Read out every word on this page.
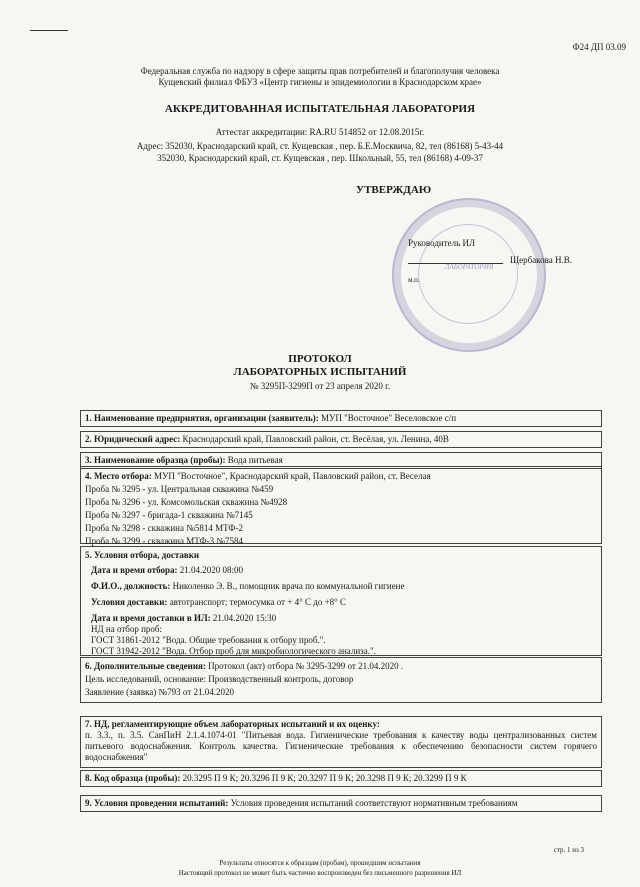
Ф24 ДП 03.09
Федеральная служба по надзору в сфере защиты прав потребителей и благополучия человека
Кущевский филиал ФБУЗ «Центр гигиены и эпидемиологии в Краснодарском крае»
АККРЕДИТОВАННАЯ ИСПЫТАТЕЛЬНАЯ ЛАБОРАТОРИЯ
Аттестат аккредитации: RA.RU 514852 от 12.08.2015г.
Адрес: 352030, Краснодарский край, ст. Кущевская , пер. Б.Е.Москвича, 82, тел (86168) 5-43-44
352030, Краснодарский край, ст. Кущевская , пер. Школьный, 55, тел (86168) 4-09-37
УТВЕРЖДАЮ
ЛАБОРАТОРИЯ
Руководитель ИЛ
Щербакова Н.В.
м.п.
ПРОТОКОЛ
ЛАБОРАТОРНЫХ ИСПЫТАНИЙ
№ 3295П-3299П от 23 апреля 2020 г.
1. Наименование предприятия, организации (заявитель): МУП "Восточное" Веселовское с/п
2. Юридический адрес: Краснодарский край, Павловский район, ст. Весёлая, ул. Ленина, 40В
3. Наименование образца (пробы): Вода питьевая
4. Место отбора: МУП "Восточное", Краснодарский край, Павловский район, ст. Веселая
Проба № 3295 - ул. Центральная скважина №459
Проба № 3296 - ул. Комсомольская скважина №4928
Проба № 3297 - бригада-1 скважина №7145
Проба № 3298 - скважина №5814 МТФ-2
Проба № 3299 - скважина МТФ-3 №7584
5. Условия отбора, доставки
Дата и время отбора: 21.04.2020 08:00
Ф.И.О., должность: Николенко Э. В., помощник врача по коммунальной гигиене
Условия доставки: автотранспорт; термосумка от + 4° С до +8° С
Дата и время доставки в ИЛ: 21.04.2020 15:30
НД на отбор проб:
ГОСТ 31861-2012 "Вода. Общие требования к отбору проб.".
ГОСТ 31942-2012 "Вода. Отбор проб для микробиологического анализа.".
6. Дополнительные сведения: Протокол (акт) отбора № 3295-3299 от 21.04.2020 .
Цель исследований, основание: Производственный контроль, договор
Заявление (заявка) №793 от 21.04.2020
7. НД, регламентирующие объем лабораторных испытаний и их оценку:
п. 3.3., п. 3.5. СанПиН 2.1.4.1074-01 "Питьевая вода. Гигиенические требования к качеству воды централизованных систем питьевого водоснабжения. Контроль качества. Гигиенические требования к обеспечению безопасности систем горячего водоснабжения"
8. Код образца (пробы): 20.3295 П 9 К; 20.3296 П 9 К; 20.3297 П 9 К; 20.3298 П 9 К; 20.3299 П 9 К
9. Условия проведения испытаний: Условия проведения испытаний соответствуют нормативным требованиям
стр. 1 из 3
Результаты относятся к образцам (пробам), прошедшим испытания
Настоящий протокол не может быть частично воспроизведен без письменного разрешения ИЛ
